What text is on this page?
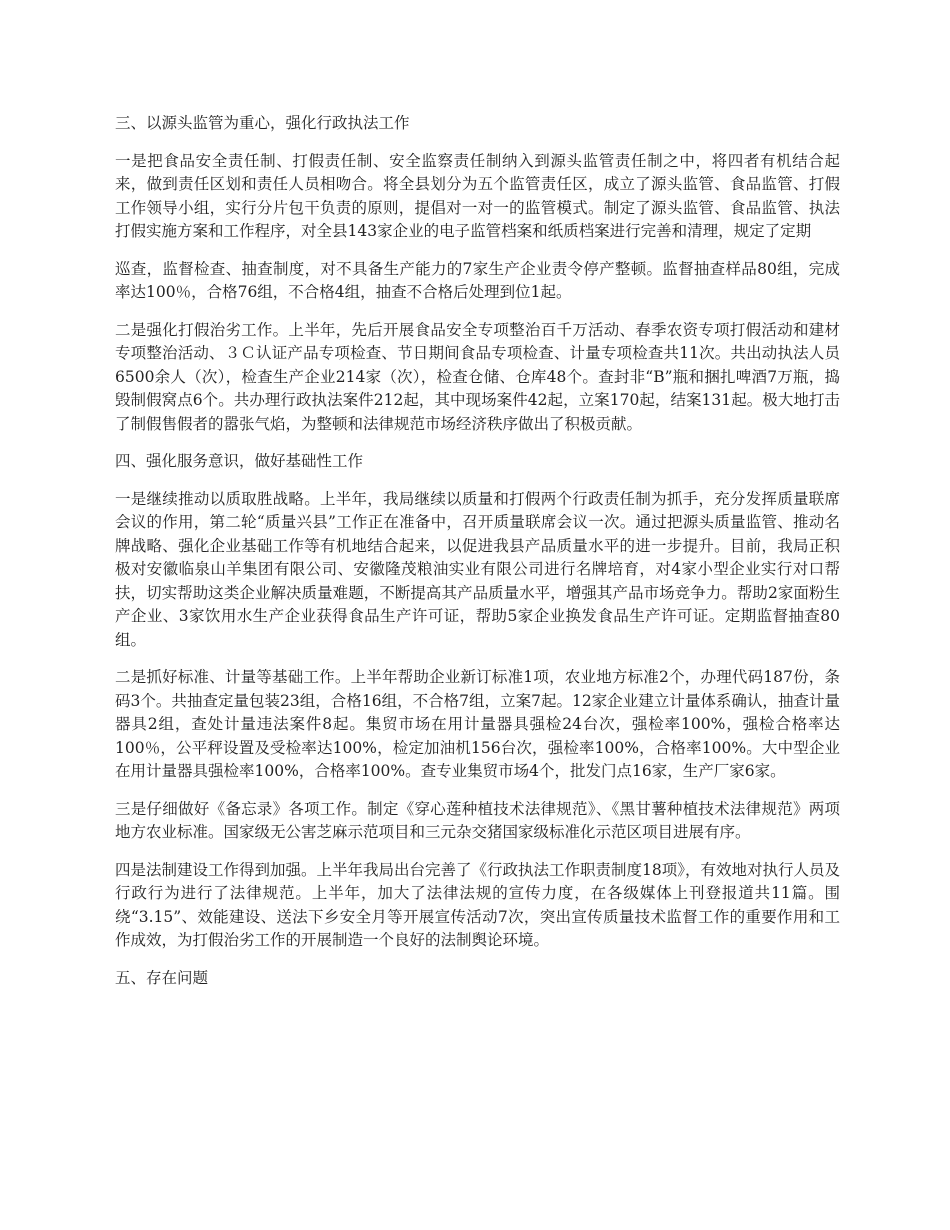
三、以源头监管为重心，强化行政执法工作
一是把食品安全责任制、打假责任制、安全监察责任制纳入到源头监管责任制之中，将四者有机结合起来，做到责任区划和责任人员相吻合。将全县划分为五个监管责任区，成立了源头监管、食品监管、打假工作领导小组，实行分片包干负责的原则，提倡对一对一的监管模式。制定了源头监管、食品监管、执法打假实施方案和工作程序，对全县143家企业的电子监管档案和纸质档案进行完善和清理，规定了定期
巡查，监督检查、抽查制度，对不具备生产能力的7家生产企业责令停产整顿。监督抽查样品80组，完成率达100％，合格76组，不合格4组，抽查不合格后处理到位1起。
二是强化打假治劣工作。上半年，先后开展食品安全专项整治百千万活动、春季农资专项打假活动和建材专项整治活动、３Ｃ认证产品专项检查、节日期间食品专项检查、计量专项检查共11次。共出动执法人员6500余人（次），检查生产企业214家（次），检查仓储、仓库48个。查封非“B”瓶和捆扎啤酒7万瓶，捣毁制假窝点6个。共办理行政执法案件212起，其中现场案件42起，立案170起，结案131起。极大地打击了制假售假者的嚣张气焰，为整顿和法律规范市场经济秩序做出了积极贡献。
四、强化服务意识，做好基础性工作
一是继续推动以质取胜战略。上半年，我局继续以质量和打假两个行政责任制为抓手，充分发挥质量联席会议的作用，第二轮“质量兴县”工作正在准备中，召开质量联席会议一次。通过把源头质量监管、推动名牌战略、强化企业基础工作等有机地结合起来，以促进我县产品质量水平的进一步提升。目前，我局正积极对安徽临泉山羊集团有限公司、安徽隆茂粮油实业有限公司进行名牌培育，对4家小型企业实行对口帮扶，切实帮助这类企业解决质量难题，不断提高其产品质量水平，增强其产品市场竞争力。帮助2家面粉生产企业、3家饮用水生产企业获得食品生产许可证，帮助5家企业换发食品生产许可证。定期监督抽查80组。
二是抓好标准、计量等基础工作。上半年帮助企业新订标准1项，农业地方标准2个，办理代码187份，条码3个。共抽查定量包装23组，合格16组，不合格7组，立案7起。12家企业建立计量体系确认，抽查计量器具2组，查处计量违法案件8起。集贸市场在用计量器具强检24台次，强检率100%，强检合格率达100％，公平秤设置及受检率达100%，检定加油机156台次，强检率100%，合格率100%。大中型企业在用计量器具强检率100%，合格率100%。查专业集贸市场4个，批发门点16家，生产厂家6家。
三是仔细做好《备忘录》各项工作。制定《穿心莲种植技术法律规范》、《黑甘薯种植技术法律规范》两项地方农业标准。国家级无公害芝麻示范项目和三元杂交猪国家级标准化示范区项目进展有序。
四是法制建设工作得到加强。上半年我局出台完善了《行政执法工作职责制度18项》，有效地对执行人员及行政行为进行了法律规范。上半年，加大了法律法规的宣传力度，在各级媒体上刊登报道共11篇。围绕“3.15”、效能建设、送法下乡安全月等开展宣传活动7次，突出宣传质量技术监督工作的重要作用和工作成效，为打假治劣工作的开展制造一个良好的法制舆论环境。
五、存在问题
